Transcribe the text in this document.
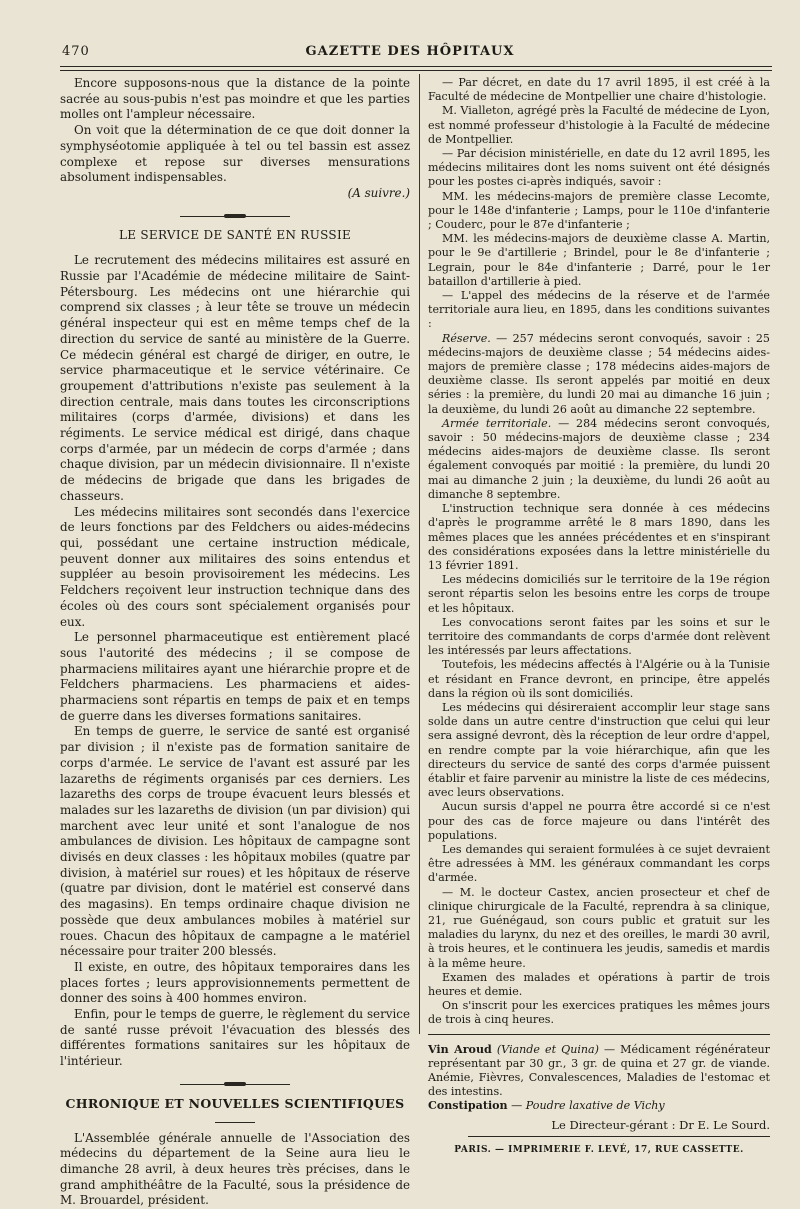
470	GAZETTE DES HÔPITAUX

Encore supposons-nous que la distance de la pointe sacrée au sous-pubis n'est pas moindre et que les parties molles ont l'ampleur nécessaire.

On voit que la détermination de ce que doit donner la symphyséotomie appliquée à tel ou tel bassin est assez complexe et repose sur diverses mensurations absolument indispensables.

(A suivre.)
LE SERVICE DE SANTÉ EN RUSSIE

Le recrutement des médecins militaires est assuré en Russie par l'Académie de médecine militaire de Saint-Pétersbourg. Les médecins ont une hiérarchie qui comprend six classes ; à leur tête se trouve un médecin général inspecteur qui est en même temps chef de la direction du service de santé au ministère de la Guerre. Ce médecin général est chargé de diriger, en outre, le service pharmaceutique et le service vétérinaire. Ce groupement d'attributions n'existe pas seulement à la direction centrale, mais dans toutes les circonscriptions militaires (corps d'armée, divisions) et dans les régiments. Le service médical est dirigé, dans chaque corps d'armée, par un médecin de corps d'armée ; dans chaque division, par un médecin divisionnaire. Il n'existe de médecins de brigade que dans les brigades de chasseurs.

Les médecins militaires sont secondés dans l'exercice de leurs fonctions par des Feldchers ou aides-médecins qui, possédant une certaine instruction médicale, peuvent donner aux militaires des soins entendus et suppléer au besoin provisoirement les médecins. Les Feldchers reçoivent leur instruction technique dans des écoles où des cours sont spécialement organisés pour eux.

Le personnel pharmaceutique est entièrement placé sous l'autorité des médecins ; il se compose de pharmaciens militaires ayant une hiérarchie propre et de Feldchers pharmaciens. Les pharmaciens et aides-pharmaciens sont répartis en temps de paix et en temps de guerre dans les diverses formations sanitaires.

En temps de guerre, le service de santé est organisé par division ; il n'existe pas de formation sanitaire de corps d'armée. Le service de l'avant est assuré par les lazareths de régiments organisés par ces derniers. Les lazareths des corps de troupe évacuent leurs blessés et malades sur les lazareths de division (un par division) qui marchent avec leur unité et sont l'analogue de nos ambulances de division. Les hôpitaux de campagne sont divisés en deux classes : les hôpitaux mobiles (quatre par division, à matériel sur roues) et les hôpitaux de réserve (quatre par division, dont le matériel est conservé dans des magasins). En temps ordinaire chaque division ne possède que deux ambulances mobiles à matériel sur roues. Chacun des hôpitaux de campagne a le matériel nécessaire pour traiter 200 blessés.

Il existe, en outre, des hôpitaux temporaires dans les places fortes ; leurs approvisionnements permettent de donner des soins à 400 hommes environ.

Enfin, pour le temps de guerre, le règlement du service de santé russe prévoit l'évacuation des blessés des différentes formations sanitaires sur les hôpitaux de l'intérieur.

CHRONIQUE ET NOUVELLES SCIENTIFIQUES

L'Assemblée générale annuelle de l'Association des médecins du département de la Seine aura lieu le dimanche 28 avril, à deux heures très précises, dans le grand amphithéâtre de la Faculté, sous la présidence de M. Brouardel, président.

— Par décret, en date du 17 avril 1895, il est créé à la Faculté de médecine de Montpellier une chaire d'histologie.

M. Vialleton, agrégé près la Faculté de médecine de Lyon, est nommé professeur d'histologie à la Faculté de médecine de Montpellier.

— Par décision ministérielle, en date du 12 avril 1895, les médecins militaires dont les noms suivent ont été désignés pour les postes ci-après indiqués, savoir :

MM. les médecins-majors de première classe Lecomte, pour le 148e d'infanterie ; Lamps, pour le 110e d'infanterie ; Couderc, pour le 87e d'infanterie ;

MM. les médecins-majors de deuxième classe A. Martin, pour le 9e d'artillerie ; Brindel, pour le 8e d'infanterie ; Legrain, pour le 84e d'infanterie ; Darré, pour le 1er bataillon d'artillerie à pied.

— L'appel des médecins de la réserve et de l'armée territoriale aura lieu, en 1895, dans les conditions suivantes :

Réserve. — 257 médecins seront convoqués, savoir : 25 médecins-majors de deuxième classe ; 54 médecins aides-majors de première classe ; 178 médecins aides-majors de deuxième classe. Ils seront appelés par moitié en deux séries : la première, du lundi 20 mai au dimanche 16 juin ; la deuxième, du lundi 26 août au dimanche 22 septembre.

Armée territoriale. — 284 médecins seront convoqués, savoir : 50 médecins-majors de deuxième classe ; 234 médecins aides-majors de deuxième classe. Ils seront également convoqués par moitié : la première, du lundi 20 mai au dimanche 2 juin ; la deuxième, du lundi 26 août au dimanche 8 septembre.

L'instruction technique sera donnée à ces médecins d'après le programme arrêté le 8 mars 1890, dans les mêmes places que les années précédentes et en s'inspirant des considérations exposées dans la lettre ministérielle du 13 février 1891.

Les médecins domiciliés sur le territoire de la 19e région seront répartis selon les besoins entre les corps de troupe et les hôpitaux.

Les convocations seront faites par les soins et sur le territoire des commandants de corps d'armée dont relèvent les intéressés par leurs affectations.

Toutefois, les médecins affectés à l'Algérie ou à la Tunisie et résidant en France devront, en principe, être appelés dans la région où ils sont domiciliés.

Les médecins qui désireraient accomplir leur stage sans solde dans un autre centre d'instruction que celui qui leur sera assigné devront, dès la réception de leur ordre d'appel, en rendre compte par la voie hiérarchique, afin que les directeurs du service de santé des corps d'armée puissent établir et faire parvenir au ministre la liste de ces médecins, avec leurs observations.

Aucun sursis d'appel ne pourra être accordé si ce n'est pour des cas de force majeure ou dans l'intérêt des populations.

Les demandes qui seraient formulées à ce sujet devraient être adressées à MM. les généraux commandant les corps d'armée.

— M. le docteur Castex, ancien prosecteur et chef de clinique chirurgicale de la Faculté, reprendra à sa clinique, 21, rue Guénégaud, son cours public et gratuit sur les maladies du larynx, du nez et des oreilles, le mardi 30 avril, à trois heures, et le continuera les jeudis, samedis et mardis à la même heure.

Examen des malades et opérations à partir de trois heures et demie.

On s'inscrit pour les exercices pratiques les mêmes jours de trois à cinq heures.

Vin Aroud (Viande et Quina) — Médicament régénérateur représentant par 30 gr., 3 gr. de quina et 27 gr. de viande. Anémie, Fièvres, Convalescences, Maladies de l'estomac et des intestins.

Constipation — Poudre laxative de Vichy

Le Directeur-gérant : Dr E. Le Sourd.
PARIS. — IMPRIMERIE F. LEVÉ, 17, RUE CASSETTE.
